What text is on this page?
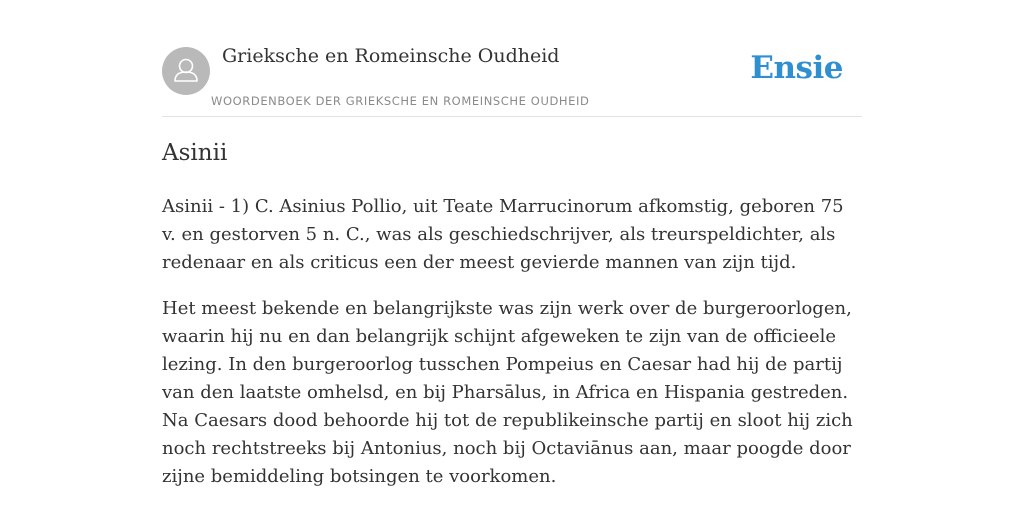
Grieksche en Romeinsche Oudheid
WOORDENBOEK DER GRIEKSCHE EN ROMEINSCHE OUDHEID
Ensie
Asinii

Asinii - 1) C. Asinius Pollio, uit Teate Marrucinorum afkomstig, geboren 75 v. en gestorven 5 n. C., was als geschiedschrijver, als treurspeldichter, als redenaar en als criticus een der meest gevierde mannen van zijn tijd.

Het meest bekende en belangrijkste was zijn werk over de burgeroorlogen, waarin hij nu en dan belangrijk schijnt afgeweken te zijn van de officieele lezing. In den burgeroorlog tusschen Pompeius en Caesar had hij de partij van den laatste omhelsd, en bij Pharsālus, in Africa en Hispania gestreden. Na Caesars dood behoorde hij tot de republikeinsche partij en sloot hij zich noch rechtstreeks bij Antonius, noch bij Octaviānus aan, maar poogde door zijne bemiddeling botsingen te voorkomen.
